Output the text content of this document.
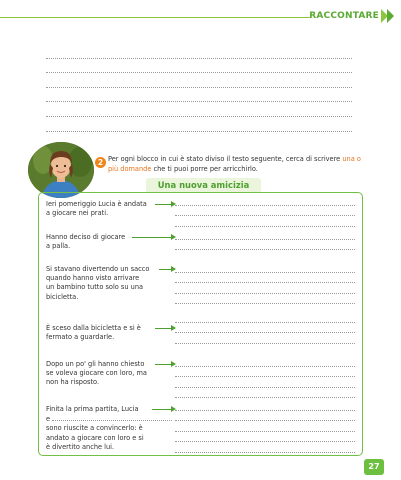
RACCONTARE
2 Per ogni blocco in cui è stato diviso il testo seguente, cerca di scrivere una o più domande che ti puoi porre per arricchirlo.
Una nuova amicizia
Ieri pomeriggio Lucia è andata
a giocare nei prati.
Hanno deciso di giocare
a palla.
Si stavano divertendo un sacco
quando hanno visto arrivare
un bambino tutto solo su una
bicicletta.
È sceso dalla bicicletta e si è
fermato a guardarle.
Dopo un po' gli hanno chiesto
se voleva giocare con loro, ma
non ha risposto.
Finita la prima partita, Lucia
e
sono riuscite a convincerlo: è
andato a giocare con loro e si
è divertito anche lui.
27
